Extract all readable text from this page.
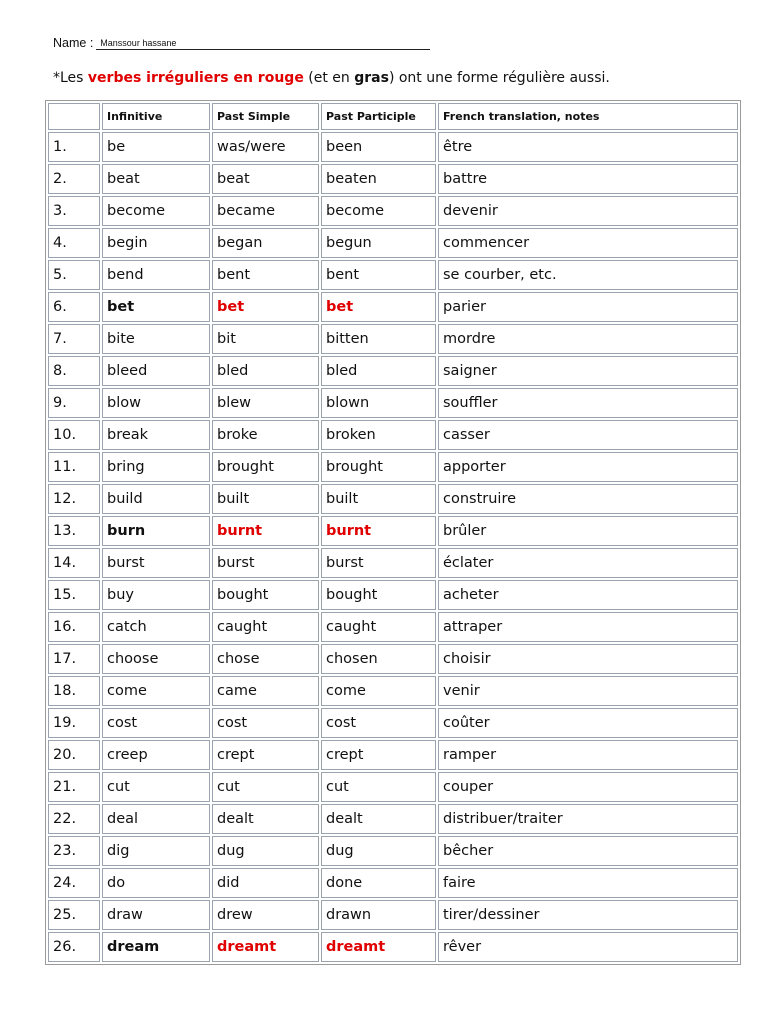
Name : Manssour hassane
*Les verbes irréguliers en rouge (et en gras) ont une forme régulière aussi.
	Infinitive	Past Simple	Past Participle	French translation, notes
1.	be	was/were	been	être
2.	beat	beat	beaten	battre
3.	become	became	become	devenir
4.	begin	began	begun	commencer
5.	bend	bent	bent	se courber, etc.
6.	bet	bet	bet	parier
7.	bite	bit	bitten	mordre
8.	bleed	bled	bled	saigner
9.	blow	blew	blown	souffler
10.	break	broke	broken	casser
11.	bring	brought	brought	apporter
12.	build	built	built	construire
13.	burn	burnt	burnt	brûler
14.	burst	burst	burst	éclater
15.	buy	bought	bought	acheter
16.	catch	caught	caught	attraper
17.	choose	chose	chosen	choisir
18.	come	came	come	venir
19.	cost	cost	cost	coûter
20.	creep	crept	crept	ramper
21.	cut	cut	cut	couper
22.	deal	dealt	dealt	distribuer/traiter
23.	dig	dug	dug	bêcher
24.	do	did	done	faire
25.	draw	drew	drawn	tirer/dessiner
26.	dream	dreamt	dreamt	rêver
